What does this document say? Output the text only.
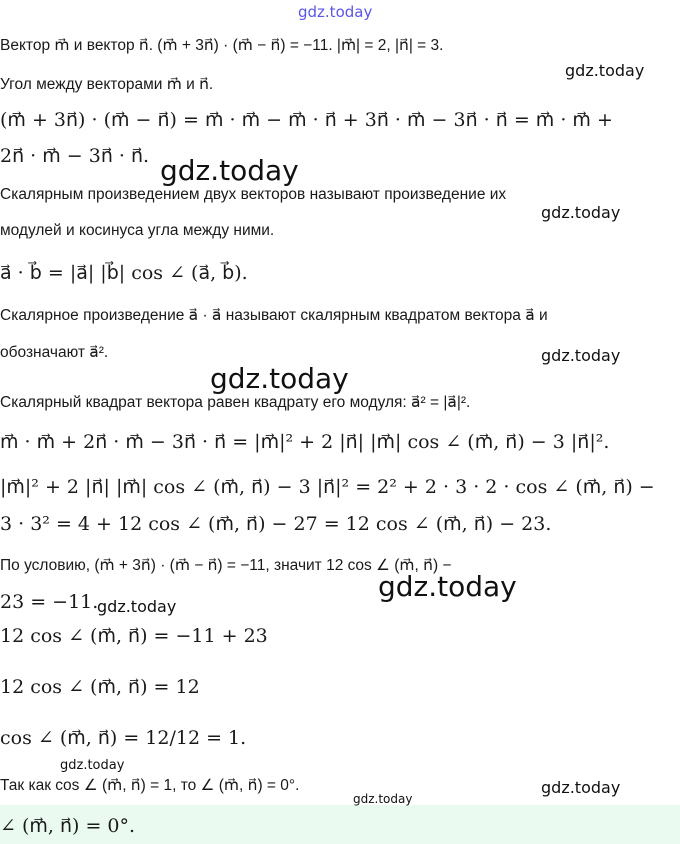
gdz.today
Вектор m⃗ и вектор n⃗. (m⃗ + 3n⃗) · (m⃗ − n⃗) = −11. |m⃗| = 2, |n⃗| = 3.
Угол между векторами m⃗ и n⃗.
(m⃗ + 3n⃗) · (m⃗ − n⃗) = m⃗ · m⃗ − m⃗ · n⃗ + 3n⃗ · m⃗ − 3n⃗ · n⃗ = m⃗ · m⃗ +
2n⃗ · m⃗ − 3n⃗ · n⃗.
Скалярным произведением двух векторов называют произведение их
модулей и косинуса угла между ними.
a⃗ · b⃗ = |a⃗| |b⃗| cos ∠ (a⃗, b⃗).
Скалярное произведение a⃗ · a⃗ называют скалярным квадратом вектора a⃗ и
обозначают a⃗².
Скалярный квадрат вектора равен квадрату его модуля: a⃗² = |a⃗|².
m⃗ · m⃗ + 2n⃗ · m⃗ − 3n⃗ · n⃗ = |m⃗|² + 2 |n⃗| |m⃗| cos ∠ (m⃗, n⃗) − 3 |n⃗|².
|m⃗|² + 2 |n⃗| |m⃗| cos ∠ (m⃗, n⃗) − 3 |n⃗|² = 2² + 2 · 3 · 2 · cos ∠ (m⃗, n⃗) −
3 · 3² = 4 + 12 cos ∠ (m⃗, n⃗) − 27 = 12 cos ∠ (m⃗, n⃗) − 23.
По условию, (m⃗ + 3n⃗) · (m⃗ − n⃗) = −11, значит 12 cos ∠ (m⃗, n⃗) −
23 = −11.
12 cos ∠ (m⃗, n⃗) = −11 + 23
12 cos ∠ (m⃗, n⃗) = 12
cos ∠ (m⃗, n⃗) = 12/12 = 1.
Так как cos ∠ (m⃗, n⃗) = 1, то ∠ (m⃗, n⃗) = 0°.
∠ (m⃗, n⃗) = 0°.
gdz.today
gdz.today
gdz.today
gdz.today
gdz.today
gdz.today
gdz.today
gdz.today
gdz.today
gdz.today
